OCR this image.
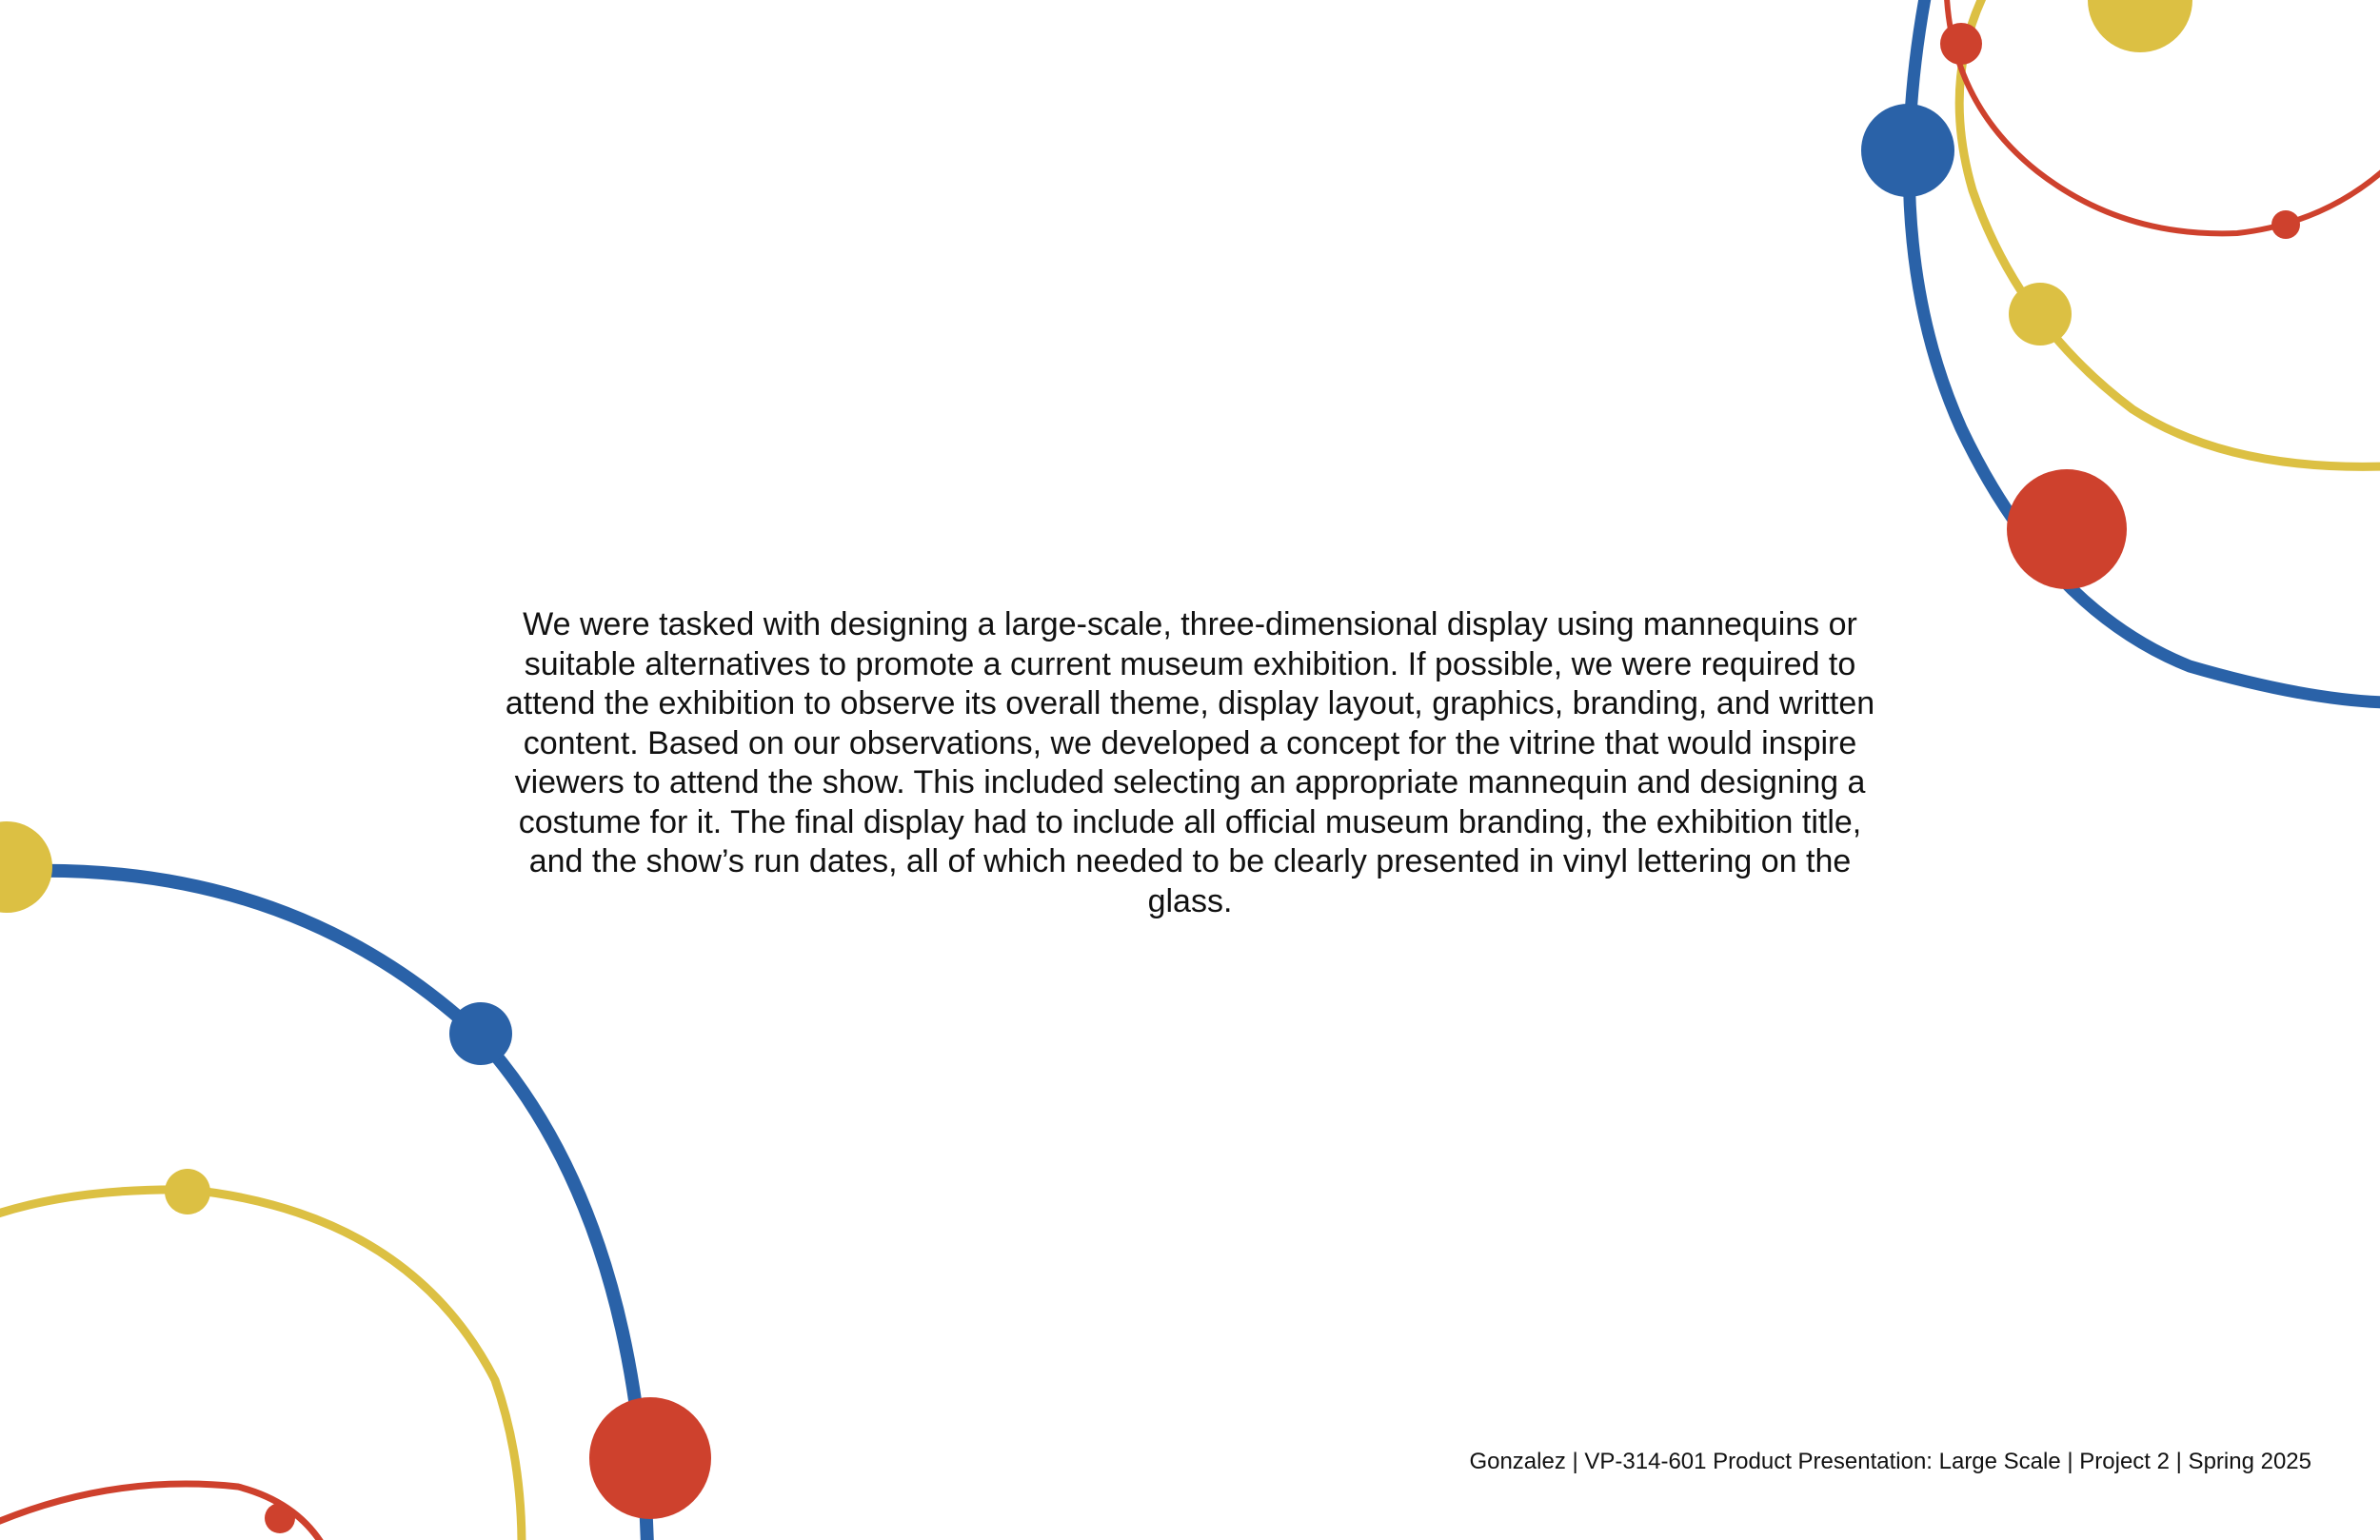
We were tasked with designing a large-scale, three-dimensional display using mannequins or suitable alternatives to promote a current museum exhibition. If possible, we were required to attend the exhibition to observe its overall theme, display layout, graphics, branding, and written content. Based on our observations, we developed a concept for the vitrine that would inspire viewers to attend the show. This included selecting an appropriate mannequin and designing a costume for it. The final display had to include all official museum branding, the exhibition title, and the show’s run dates, all of which needed to be clearly presented in vinyl lettering on the glass.

Gonzalez | VP-314-601 Product Presentation: Large Scale | Project 2 | Spring 2025
